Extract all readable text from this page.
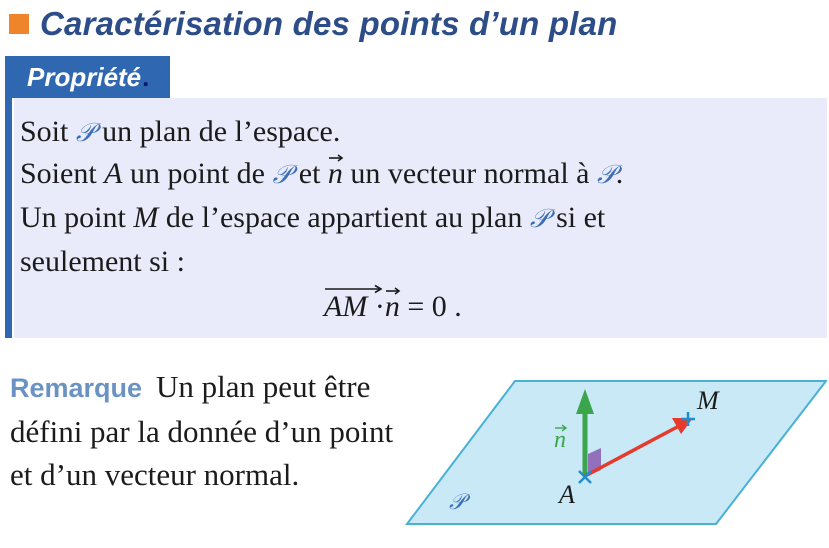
Caractérisation des points d’un plan
Propriété.
Soit 𝒫 un plan de l’espace.
Soient A un point de 𝒫 et
n un vecteur normal à 𝒫.
Un point M de l’espace appartient au plan 𝒫 si et
seulement si :
AM ·
n = 0 .
Remarque Un plan peut être défini par la donnée d’un point et d’un vecteur normal.
M
n
A
𝒫
